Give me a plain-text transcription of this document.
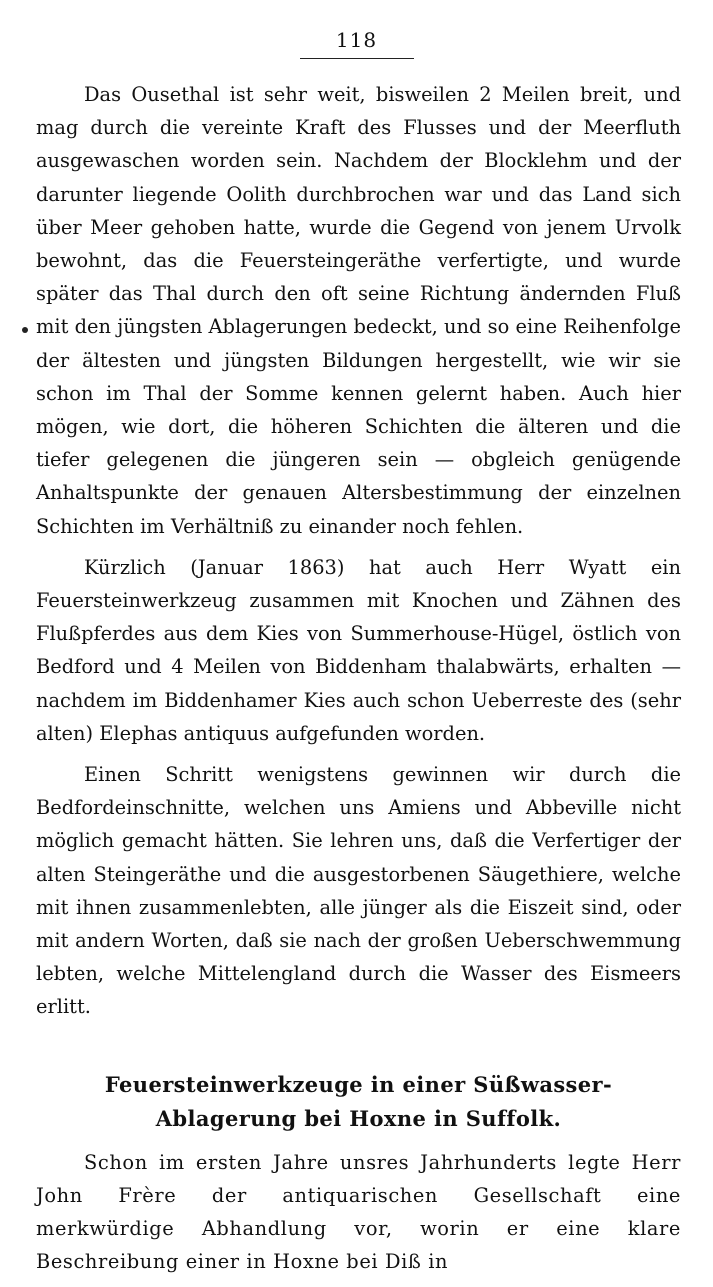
118

Das Ousethal ist sehr weit, bisweilen 2 Meilen breit, und mag durch die vereinte Kraft des Flusses und der Meerfluth ausgewaschen worden sein. Nachdem der Blocklehm und der darunter liegende Oolith durchbrochen war und das Land sich über Meer gehoben hatte, wurde die Gegend von jenem Urvolk bewohnt, das die Feuersteingeräthe verfertigte, und wurde später das Thal durch den oft seine Richtung ändernden Fluß mit den jüngsten Ablagerungen bedeckt, und so eine Reihenfolge der ältesten und jüngsten Bildungen hergestellt, wie wir sie schon im Thal der Somme kennen gelernt haben. Auch hier mögen, wie dort, die höheren Schichten die älteren und die tiefer gelegenen die jüngeren sein — obgleich genügende Anhaltspunkte der genauen Altersbestimmung der einzelnen Schichten im Verhältniß zu einander noch fehlen.

Kürzlich (Januar 1863) hat auch Herr Wyatt ein Feuersteinwerkzeug zusammen mit Knochen und Zähnen des Flußpferdes aus dem Kies von Summerhouse-Hügel, östlich von Bedford und 4 Meilen von Biddenham thalabwärts, erhalten — nachdem im Biddenhamer Kies auch schon Ueberreste des (sehr alten) Elephas antiquus aufgefunden worden.

Einen Schritt wenigstens gewinnen wir durch die Bedfordeinschnitte, welchen uns Amiens und Abbeville nicht möglich gemacht hätten. Sie lehren uns, daß die Verfertiger der alten Steingeräthe und die ausgestorbenen Säugethiere, welche mit ihnen zusammenlebten, alle jünger als die Eiszeit sind, oder mit andern Worten, daß sie nach der großen Ueberschwemmung lebten, welche Mittelengland durch die Wasser des Eismeers erlitt.

Feuersteinwerkzeuge in einer Süßwasser-Ablagerung bei Hoxne in Suffolk.

Schon im ersten Jahre unsres Jahrhunderts legte Herr John Frère der antiquarischen Gesellschaft eine merkwürdige Abhandlung vor, worin er eine klare Beschreibung einer in Hoxne bei Diß in
